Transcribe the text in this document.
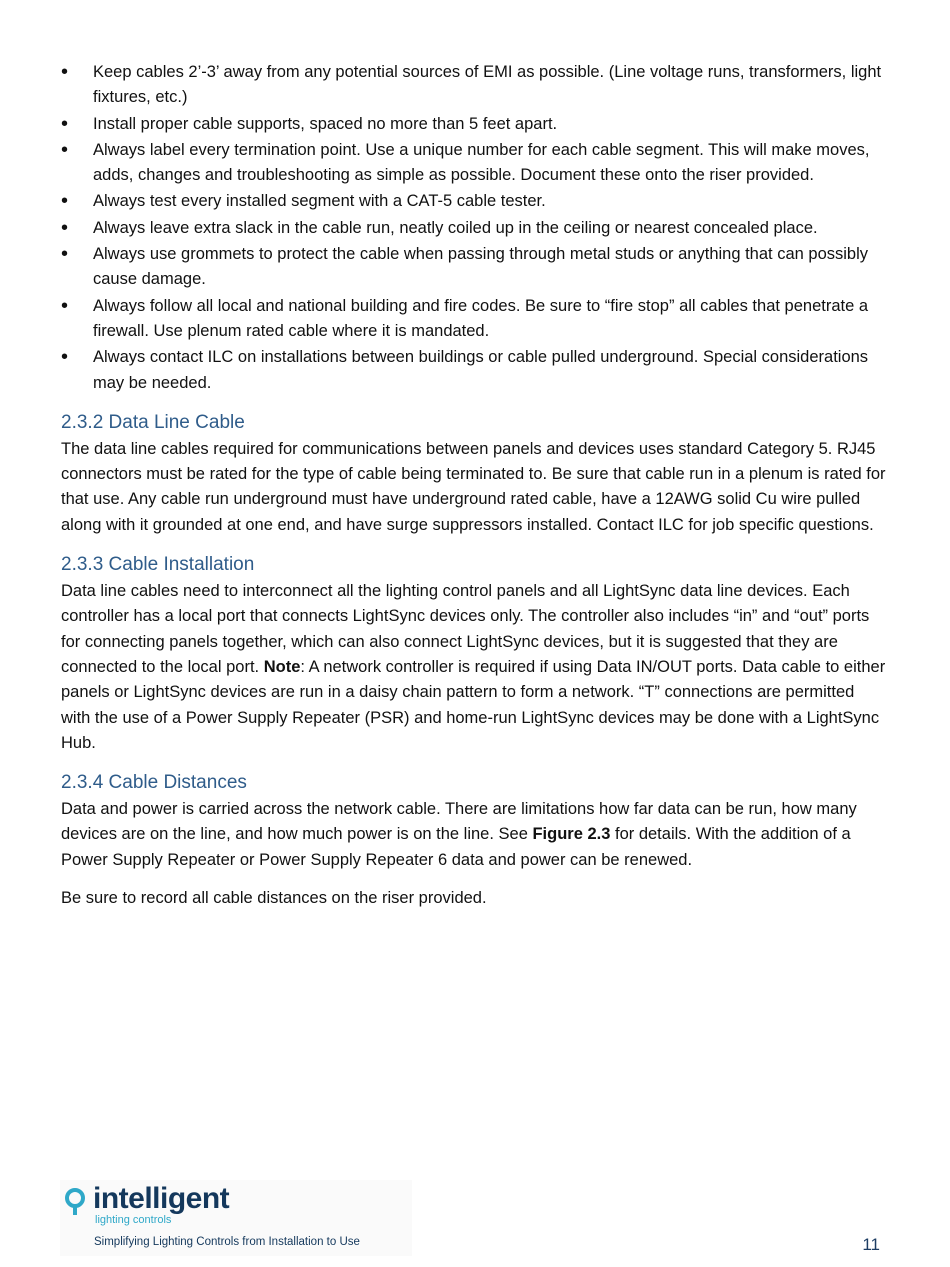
• Keep cables 2’-3’ away from any potential sources of EMI as possible. (Line voltage runs, transformers, light fixtures, etc.)
• Install proper cable supports, spaced no more than 5 feet apart.
• Always label every termination point. Use a unique number for each cable segment. This will make moves, adds, changes and troubleshooting as simple as possible. Document these onto the riser provided.
• Always test every installed segment with a CAT-5 cable tester.
• Always leave extra slack in the cable run, neatly coiled up in the ceiling or nearest concealed place.
• Always use grommets to protect the cable when passing through metal studs or anything that can possibly cause damage.
• Always follow all local and national building and fire codes. Be sure to “fire stop” all cables that penetrate a firewall. Use plenum rated cable where it is mandated.
• Always contact ILC on installations between buildings or cable pulled underground. Special considerations may be needed.
2.3.2 Data Line Cable

The data line cables required for communications between panels and devices uses standard Category 5. RJ45 connectors must be rated for the type of cable being terminated to. Be sure that cable run in a plenum is rated for that use. Any cable run underground must have underground rated cable, have a 12AWG solid Cu wire pulled along with it grounded at one end, and have surge suppressors installed. Contact ILC for job specific questions.

2.3.3 Cable Installation

Data line cables need to interconnect all the lighting control panels and all LightSync data line devices. Each controller has a local port that connects LightSync devices only. The controller also includes “in” and “out” ports for connecting panels together, which can also connect LightSync devices, but it is suggested that they are connected to the local port. Note: A network controller is required if using Data IN/OUT ports. Data cable to either panels or LightSync devices are run in a daisy chain pattern to form a network. “T” connections are permitted with the use of a Power Supply Repeater (PSR) and home-run LightSync devices may be done with a LightSync Hub.

2.3.4 Cable Distances

Data and power is carried across the network cable. There are limitations how far data can be run, how many devices are on the line, and how much power is on the line. See Figure 2.3 for details. With the addition of a Power Supply Repeater or Power Supply Repeater 6 data and power can be renewed.

Be sure to record all cable distances on the riser provided.

intelligent
lighting controls
Simplifying Lighting Controls from Installation to Use	11
